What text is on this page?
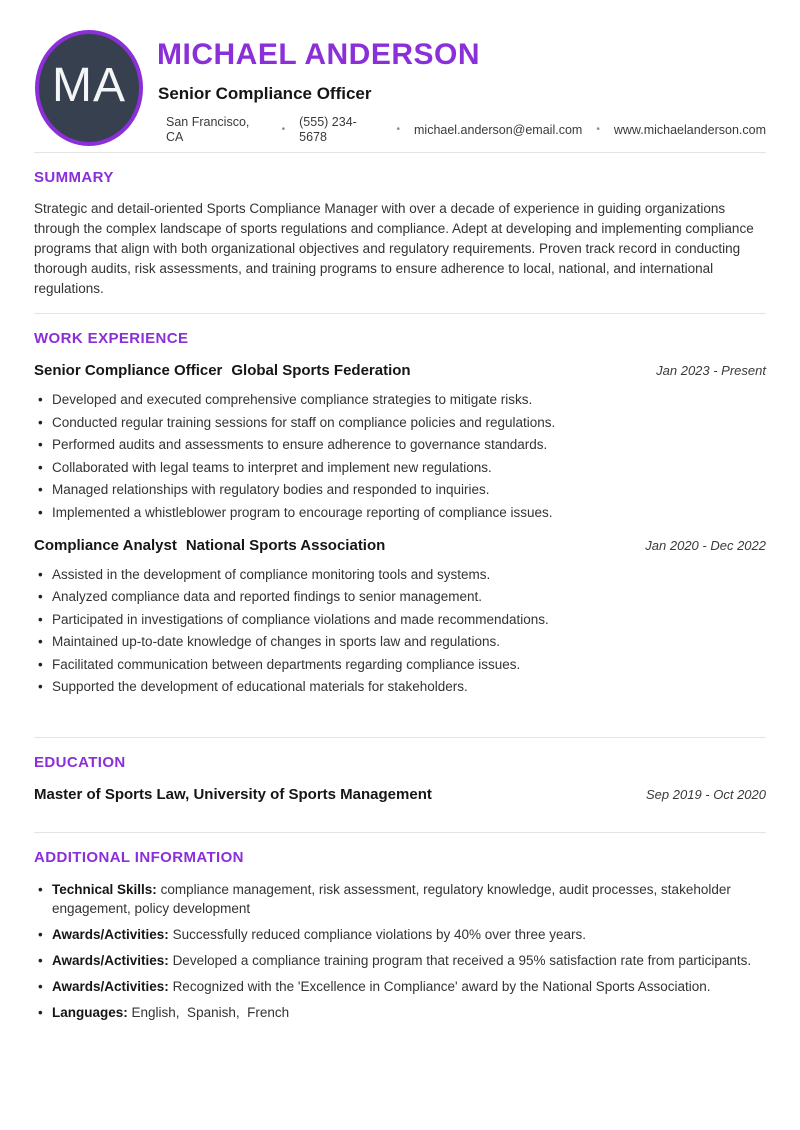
MA
MICHAEL ANDERSON
Senior Compliance Officer
San Francisco, CA
•
(555) 234-5678
• michael.anderson@email.com • www.michaelanderson.com
SUMMARY

Strategic and detail-oriented Sports Compliance Manager with over a decade of experience in guiding organizations through the complex landscape of sports regulations and compliance. Adept at developing and implementing compliance programs that align with both organizational objectives and regulatory requirements. Proven track record in conducting thorough audits, risk assessments, and training programs to ensure adherence to local, national, and international regulations.

WORK EXPERIENCE
Senior Compliance Officer Global Sports Federation	Jan 2023 - Present
• Developed and executed comprehensive compliance strategies to mitigate risks.
• Conducted regular training sessions for staff on compliance policies and regulations.
• Performed audits and assessments to ensure adherence to governance standards.
• Collaborated with legal teams to interpret and implement new regulations.
• Managed relationships with regulatory bodies and responded to inquiries.
• Implemented a whistleblower program to encourage reporting of compliance issues.
Compliance Analyst National Sports Association	Jan 2020 - Dec 2022
• Assisted in the development of compliance monitoring tools and systems.
• Analyzed compliance data and reported findings to senior management.
• Participated in investigations of compliance violations and made recommendations.
• Maintained up-to-date knowledge of changes in sports law and regulations.
• Facilitated communication between departments regarding compliance issues.
• Supported the development of educational materials for stakeholders.
EDUCATION
Master of Sports Law, University of Sports Management	Sep 2019 - Oct 2020
ADDITIONAL INFORMATION
• Technical Skills: compliance management, risk assessment, regulatory knowledge, audit processes, stakeholder engagement, policy development
• Awards/Activities: Successfully reduced compliance violations by 40% over three years.
• Awards/Activities: Developed a compliance training program that received a 95% satisfaction rate from participants.
• Awards/Activities: Recognized with the 'Excellence in Compliance' award by the National Sports Association.
• Languages: English,  Spanish,  French
